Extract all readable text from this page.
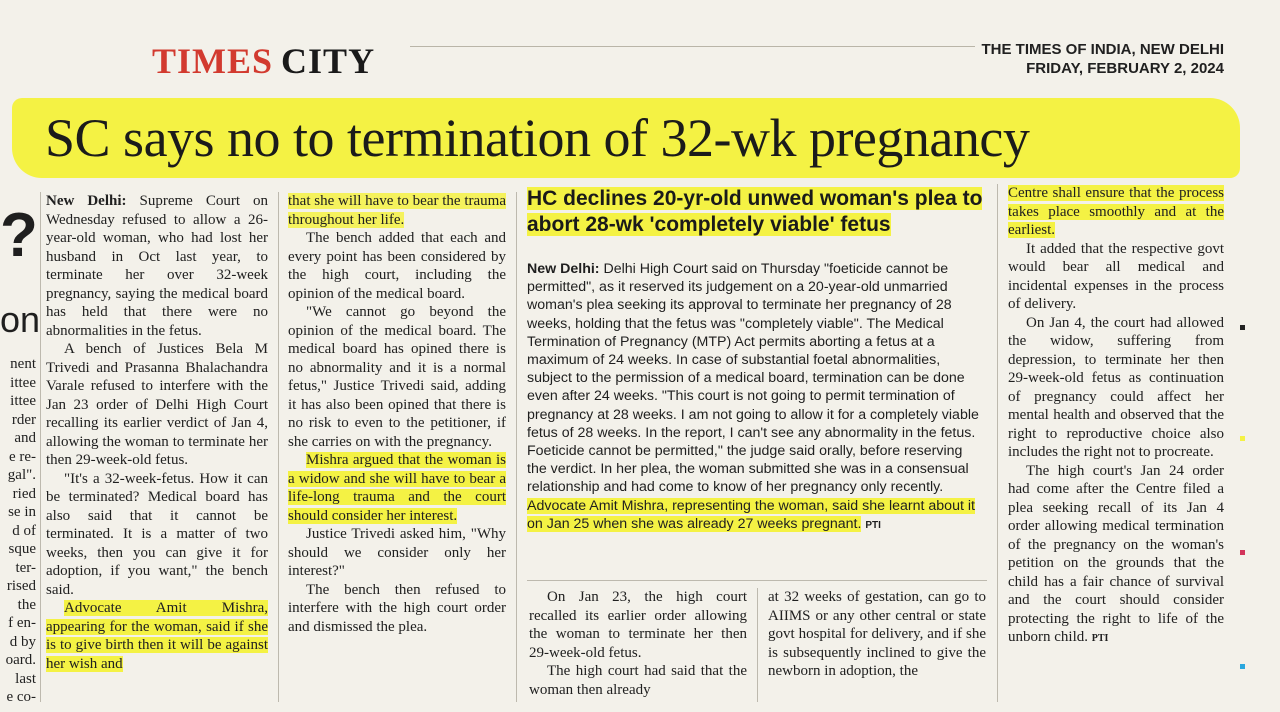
TIMES CITY	THE TIMES OF INDIA, NEW DELHI
FRIDAY, FEBRUARY 2, 2024
SC says no to termination of 32-wk pregnancy
?
on
nent
ittee
ittee
rder
and
e re-
gal".
ried
se in
d of
sque
ter-
rised
the
f en-
d by
oard.
last
e co-

New Delhi: Supreme Court on Wednesday refused to allow a 26-year-old woman, who had lost her husband in Oct last year, to terminate her over 32-week pregnancy, saying the medical board has held that there were no abnormalities in the fetus.

A bench of Justices Bela M Trivedi and Prasanna Bhalachandra Varale refused to interfere with the Jan 23 order of Delhi High Court recalling its earlier verdict of Jan 4, allowing the woman to terminate her then 29-week-old fetus.

"It's a 32-week-fetus. How it can be terminated? Medical board has also said that it cannot be terminated. It is a matter of two weeks, then you can give it for adoption, if you want," the bench said.

Advocate Amit Mishra, appearing for the woman, said if she is to give birth then it will be against her wish and

that she will have to bear the trauma throughout her life.

The bench added that each and every point has been considered by the high court, including the opinion of the medical board.

"We cannot go beyond the opinion of the medical board. The medical board has opined there is no abnormality and it is a normal fetus," Justice Trivedi said, adding it has also been opined that there is no risk to even to the petitioner, if she carries on with the pregnancy.

Mishra argued that the woman is a widow and she will have to bear a life-long trauma and the court should consider her interest.

Justice Trivedi asked him, "Why should we consider only her interest?"

The bench then refused to interfere with the high court order and dismissed the plea.

HC declines 20-yr-old unwed woman's plea to abort 28-wk 'completely viable' fetus
New Delhi: Delhi High Court said on Thursday "foeticide cannot be permitted", as it reserved its judgement on a 20-year-old unmarried woman's plea seeking its approval to terminate her pregnancy of 28 weeks, holding that the fetus was "completely viable". The Medical Termination of Pregnancy (MTP) Act permits aborting a fetus at a maximum of 24 weeks. In case of substantial foetal abnormalities, subject to the permission of a medical board, termination can be done even after 24 weeks. "This court is not going to permit termination of pregnancy at 28 weeks. I am not going to allow it for a completely viable fetus of 28 weeks. In the report, I can't see any abnormality in the fetus. Foeticide cannot be permitted," the judge said orally, before reserving the verdict. In her plea, the woman submitted she was in a consensual relationship and had come to know of her pregnancy only recently. Advocate Amit Mishra, representing the woman, said she learnt about it on Jan 25 when she was already 27 weeks pregnant. PTI

On Jan 23, the high court recalled its earlier order allowing the woman to terminate her then 29-week-old fetus.

The high court had said that the woman then already

at 32 weeks of gestation, can go to AIIMS or any other central or state govt hospital for delivery, and if she is subsequently inclined to give the newborn in adoption, the

Centre shall ensure that the process takes place smoothly and at the earliest.

It added that the respective govt would bear all medical and incidental expenses in the process of delivery.

On Jan 4, the court had allowed the widow, suffering from depression, to terminate her then 29-week-old fetus as continuation of pregnancy could affect her mental health and observed that the right to reproductive choice also includes the right not to procreate.

The high court's Jan 24 order had come after the Centre filed a plea seeking recall of its Jan 4 order allowing medical termination of the pregnancy on the woman's petition on the grounds that the child has a fair chance of survival and the court should consider protecting the right to life of the unborn child. PTI
